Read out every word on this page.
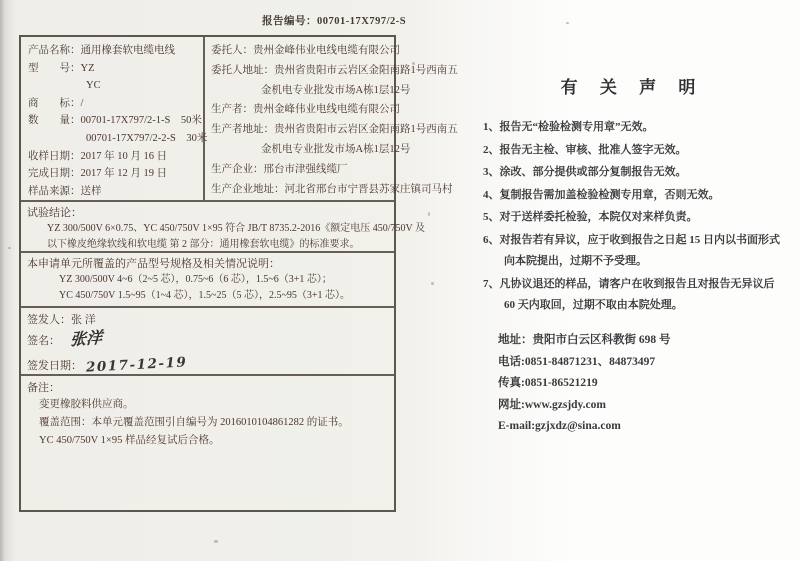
报告编号：00701-17X797/2-S
产品名称：通用橡套软电缆电线
型　　号：YZ
YC
商　　标：/
数　　量：00701-17X797/2-1-S　50米
00701-17X797/2-2-S　30米
收样日期：2017 年 10 月 16 日
完成日期：2017 年 12 月 19 日
样品来源：送样
委托人：贵州金峰伟业电线电缆有限公司
委托人地址：贵州省贵阳市云岩区金阳南路1号西南五
金机电专业批发市场A栋1层12号
生产者：贵州金峰伟业电线电缆有限公司
生产者地址：贵州省贵阳市云岩区金阳南路1号西南五
金机电专业批发市场A栋1层12号
生产企业：邢台市津强线缆厂
生产企业地址：河北省邢台市宁晋县苏家庄镇司马村
试验结论：
YZ 300/500V 6×0.75、YC 450/750V 1×95 符合 JB/T 8735.2-2016《额定电压 450/750V 及
以下橡皮绝缘软线和软电缆 第 2 部分：通用橡套软电缆》的标准要求。
本申请单元所覆盖的产品型号规格及相关情况说明：
YZ 300/500V 4~6（2~5 芯），0.75~6（6 芯），1.5~6（3+1 芯）；
YC 450/750V 1.5~95（1~4 芯），1.5~25（5 芯），2.5~95（3+1 芯）。
签发人：张 洋
签名： 张洋
签发日期： 2017-12-19
备注：
变更橡胶料供应商。
覆盖范围：本单元覆盖范围引自编号为 2016010104861282 的证书。
YC 450/750V 1×95 样品经复试后合格。
有 关 声 明
1、报告无“检验检测专用章”无效。
2、报告无主检、审核、批准人签字无效。
3、涂改、部分提供或部分复制报告无效。
4、复制报告需加盖检验检测专用章，否则无效。
5、对于送样委托检验，本院仅对来样负责。
6、对报告若有异议，应于收到报告之日起 15 日内以书面形式向本院提出，过期不予受理。
7、凡协议退还的样品，请客户在收到报告且对报告无异议后 60 天内取回，过期不取由本院处理。
地址：贵阳市白云区科教街 698 号
电话:0851-84871231、84873497
传真:0851-86521219
网址:www.gzsjdy.com
E-mail:gzjxdz@sina.com
